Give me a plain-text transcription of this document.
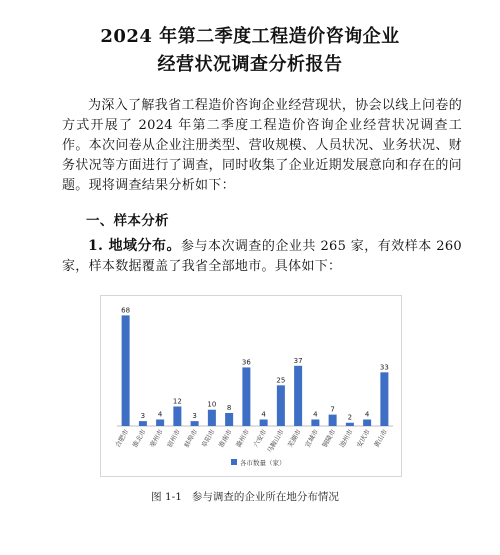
2024 年第二季度工程造价咨询企业
经营状况调查分析报告
为深入了解我省工程造价咨询企业经营现状，协会以线上问卷的方式开展了 2024 年第二季度工程造价咨询企业经营状况调查工作。本次问卷从企业注册类型、营收规模、人员状况、业务状况、财务状况等方面进行了调查，同时收集了企业近期发展意向和存在的问题。现将调查结果分析如下：
一、样本分析
1. 地域分布。参与本次调查的企业共 265 家，有效样本 260 家，样本数据覆盖了我省全部地市。具体如下：
68
合肥市
3
淮北市
4
亳州市
12
宿州市
3
蚌埠市
10
阜阳市
8
淮南市
36
滁州市
4
六安市
25
马鞍山市
37
芜湖市
4
宣城市
7
铜陵市
2
池州市
4
安庆市
33
黄山市
各市数量（家）
图 1-1 参与调查的企业所在地分布情况
